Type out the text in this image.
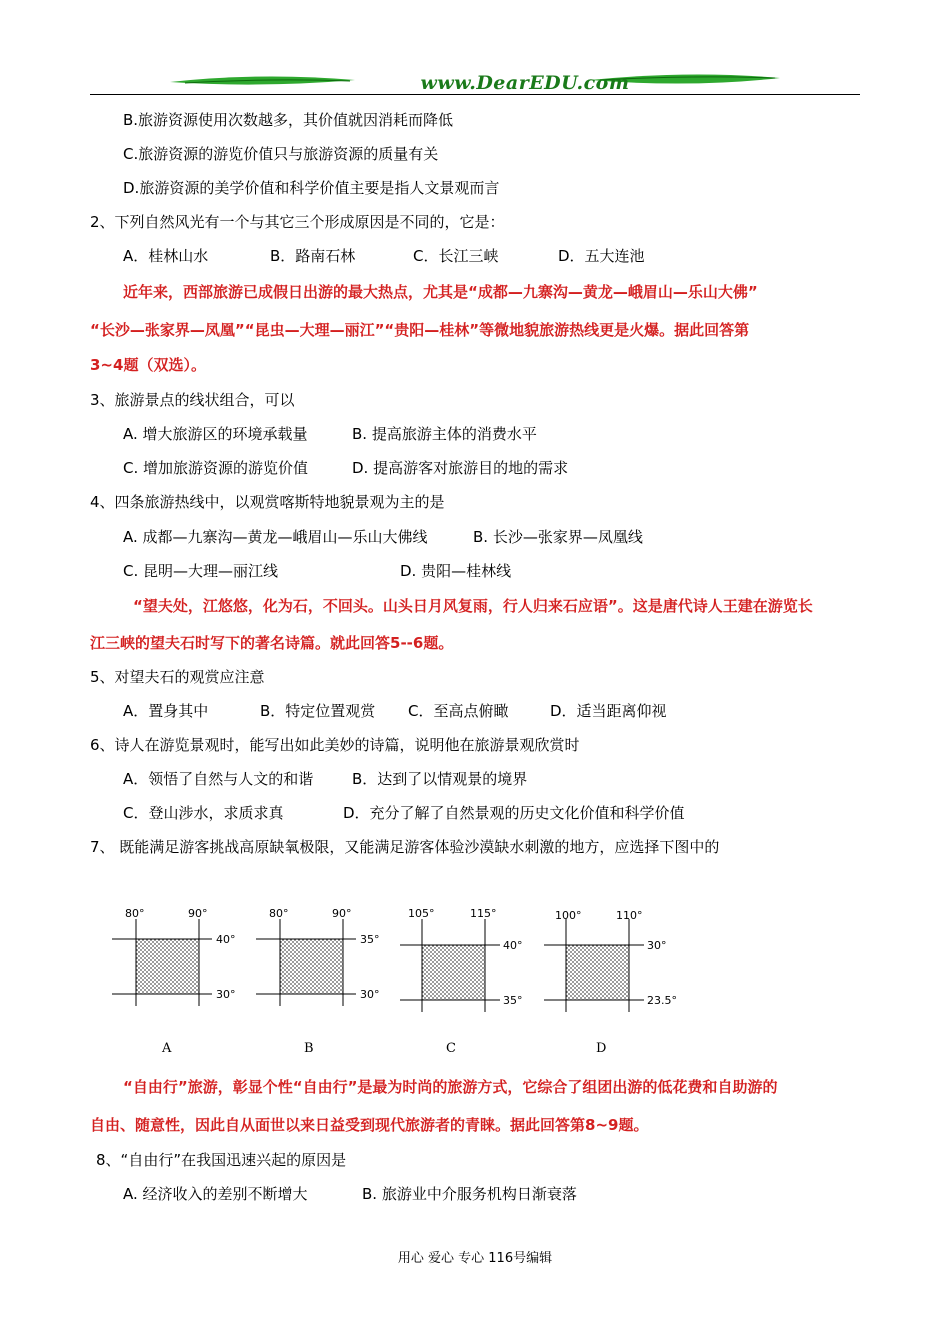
www.DearEDU.com
B.旅游资源使用次数越多，其价值就因消耗而降低
C.旅游资源的游览价值只与旅游资源的质量有关
D.旅游资源的美学价值和科学价值主要是指人文景观而言
2、下列自然风光有一个与其它三个形成原因是不同的，它是：
A．桂林山水	B．路南石林	C．长江三峡	D．五大连池
近年来，西部旅游已成假日出游的最大热点，尤其是“成都—九寨沟—黄龙—峨眉山—乐山大佛”
“长沙—张家界—凤凰”“昆虫—大理—丽江”“贵阳—桂林”等微地貌旅游热线更是火爆。据此回答第
3~4题（双选）。
3、旅游景点的线状组合，可以
A. 增大旅游区的环境承载量	B. 提高旅游主体的消费水平
C. 增加旅游资源的游览价值	D. 提高游客对旅游目的地的需求
4、四条旅游热线中，以观赏喀斯特地貌景观为主的是
A. 成都—九寨沟—黄龙—峨眉山—乐山大佛线	B. 长沙—张家界—凤凰线
C. 昆明—大理—丽江线	D. 贵阳—桂林线
“望夫处，江悠悠，化为石，不回头。山头日月风复雨，行人归来石应语”。这是唐代诗人王建在游览长
江三峡的望夫石时写下的著名诗篇。就此回答5--6题。
5、对望夫石的观赏应注意
A．置身其中	B．特定位置观赏 C．至高点俯瞰	D．适当距离仰视
6、诗人在游览景观时，能写出如此美妙的诗篇，说明他在旅游景观欣赏时
A．领悟了自然与人文的和谐	B．达到了以情观景的境界
C．登山涉水，求质求真	D．充分了解了自然景观的历史文化价值和科学价值
7、 既能满足游客挑战高原缺氧极限，又能满足游客体验沙漠缺水刺激的地方，应选择下图中的
80°	90°
40°
30°
A
80°	90°
35°
30°
B
105°	115°
40°
35°
C
100°	110°
30°
23.5°
D
“自由行”旅游，彰显个性“自由行”是最为时尚的旅游方式，它综合了组团出游的低花费和自助游的
自由、随意性，因此自从面世以来日益受到现代旅游者的青睐。据此回答第8~9题。
8、“自由行”在我国迅速兴起的原因是
A. 经济收入的差别不断增大	B. 旅游业中介服务机构日渐衰落
用心 爱心 专心 116号编辑
